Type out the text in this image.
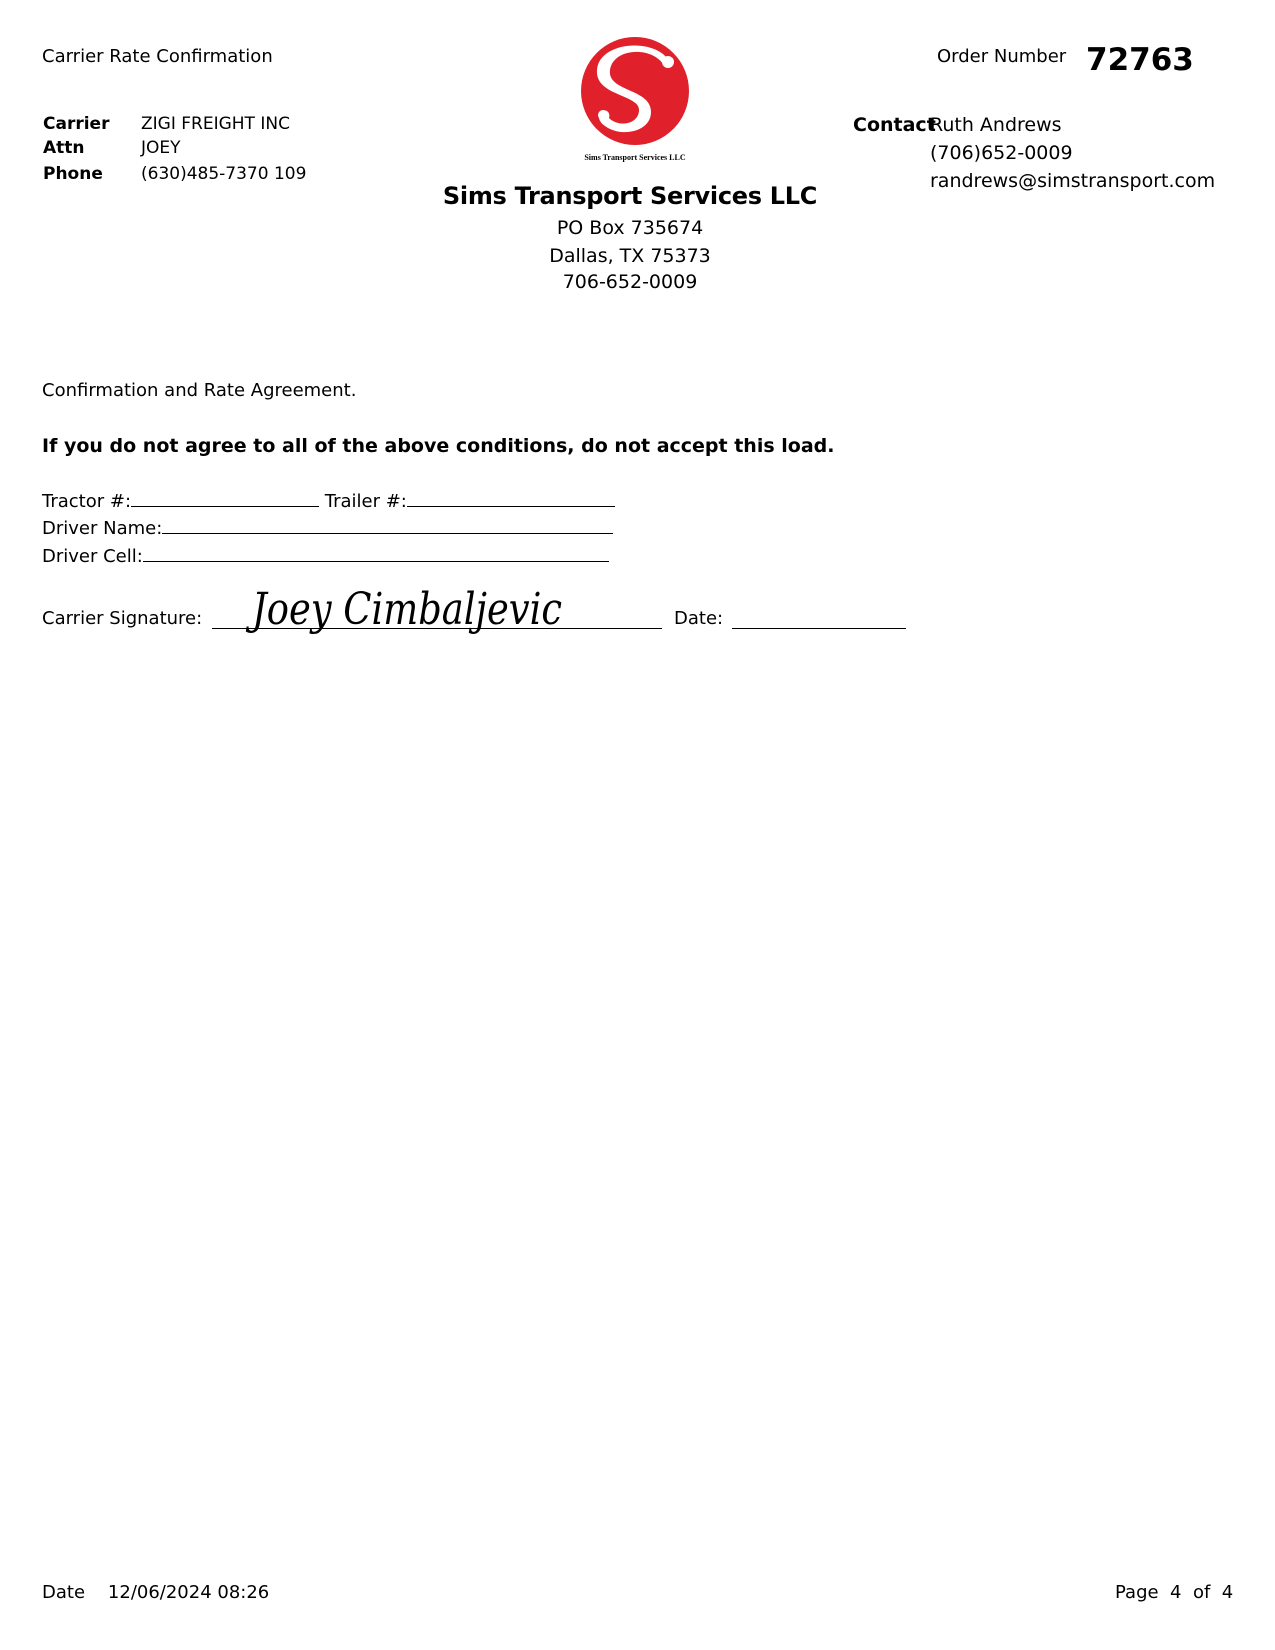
Carrier Rate Confirmation	Order Number 72763
Carrier ZIGI FREIGHT INC
Attn	JOEY
Phone (630)485-7370 109
Sims Transport Services LLC
Sims Transport Services LLC
PO Box 735674
Dallas, TX 75373
706-652-0009
Contact
Ruth Andrews
(706)652-0009
randrews@simstransport.com
Confirmation and Rate Agreement.
If you do not agree to all of the above conditions, do not accept this load.
Tractor #:	Trailer #:
Driver Name:
Driver Cell:
Carrier Signature: Joey Cimbaljevic	Date:
Date 12/06/2024 08:26	Page 4 of 4
